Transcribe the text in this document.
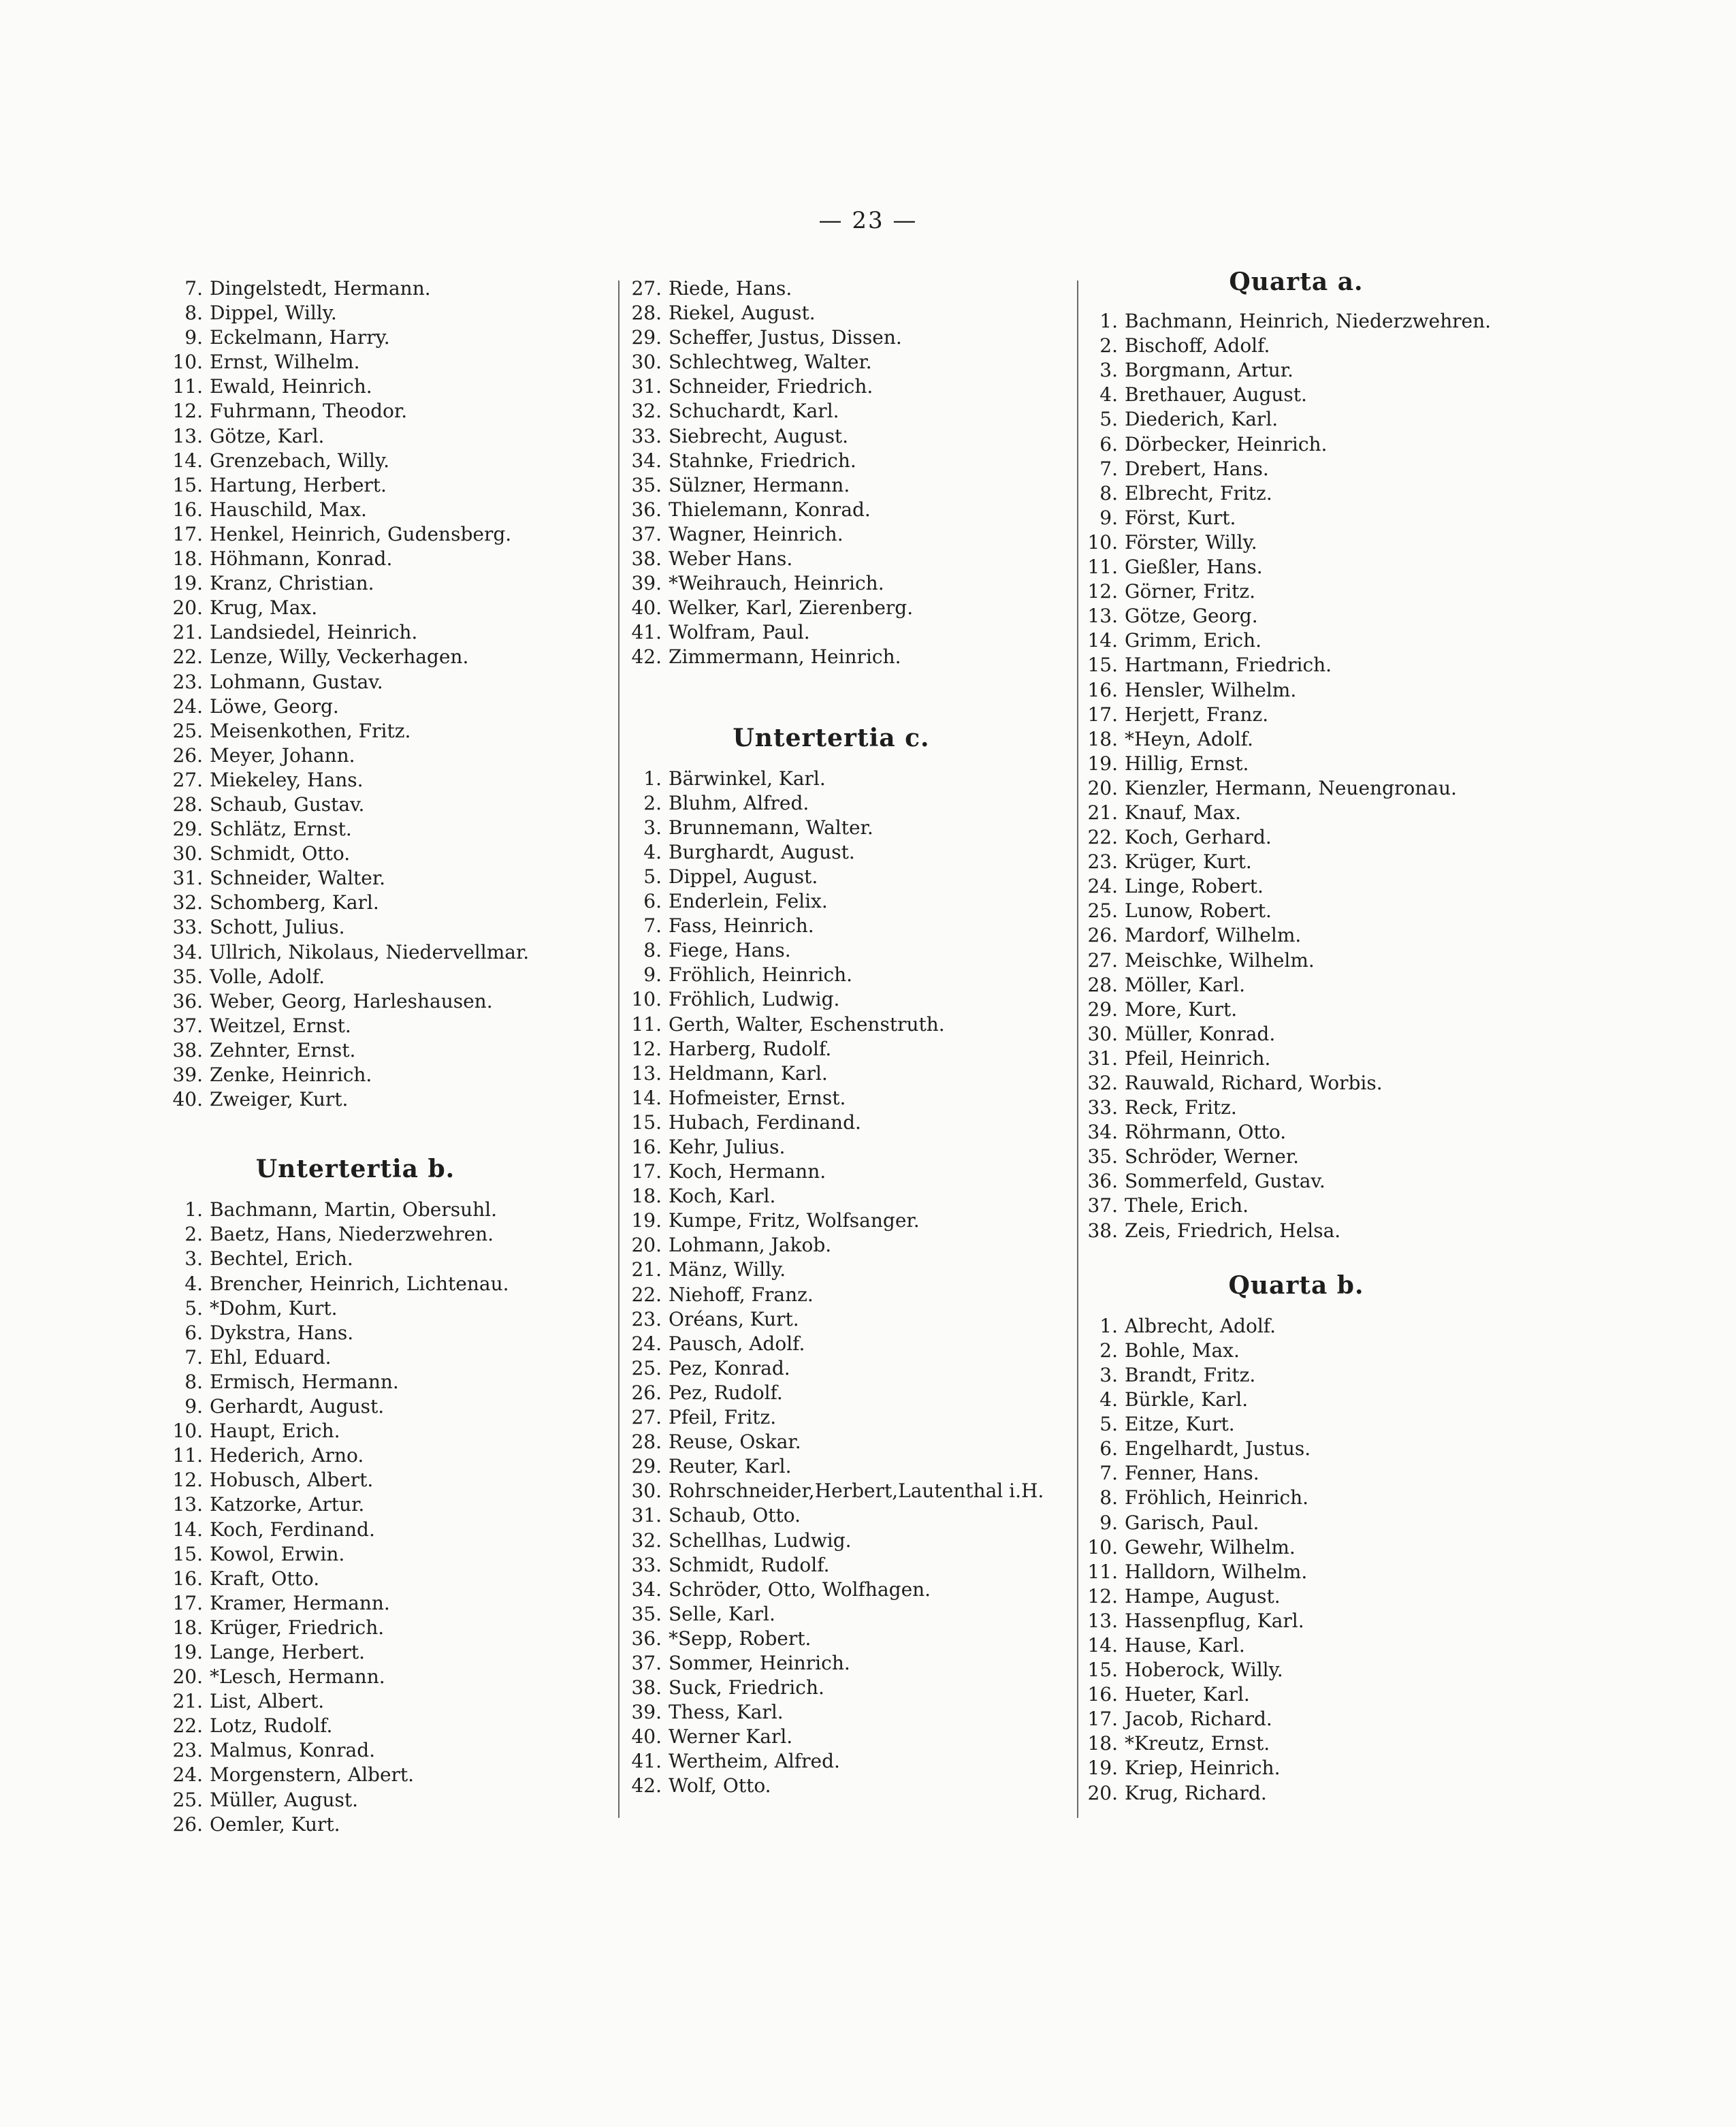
— 23 —
7. Dingelstedt, Hermann.
8. Dippel, Willy.
9. Eckelmann, Harry.
10. Ernst, Wilhelm.
11. Ewald, Heinrich.
12. Fuhrmann, Theodor.
13. Götze, Karl.
14. Grenzebach, Willy.
15. Hartung, Herbert.
16. Hauschild, Max.
17. Henkel, Heinrich, Gudensberg.
18. Höhmann, Konrad.
19. Kranz, Christian.
20. Krug, Max.
21. Landsiedel, Heinrich.
22. Lenze, Willy, Veckerhagen.
23. Lohmann, Gustav.
24. Löwe, Georg.
25. Meisenkothen, Fritz.
26. Meyer, Johann.
27. Miekeley, Hans.
28. Schaub, Gustav.
29. Schlätz, Ernst.
30. Schmidt, Otto.
31. Schneider, Walter.
32. Schomberg, Karl.
33. Schott, Julius.
34. Ullrich, Nikolaus, Niedervellmar.
35. Volle, Adolf.
36. Weber, Georg, Harleshausen.
37. Weitzel, Ernst.
38. Zehnter, Ernst.
39. Zenke, Heinrich.
40. Zweiger, Kurt.
Untertertia b.
1. Bachmann, Martin, Obersuhl.
2. Baetz, Hans, Niederzwehren.
3. Bechtel, Erich.
4. Brencher, Heinrich, Lichtenau.
5. *Dohm, Kurt.
6. Dykstra, Hans.
7. Ehl, Eduard.
8. Ermisch, Hermann.
9. Gerhardt, August.
10. Haupt, Erich.
11. Hederich, Arno.
12. Hobusch, Albert.
13. Katzorke, Artur.
14. Koch, Ferdinand.
15. Kowol, Erwin.
16. Kraft, Otto.
17. Kramer, Hermann.
18. Krüger, Friedrich.
19. Lange, Herbert.
20. *Lesch, Hermann.
21. List, Albert.
22. Lotz, Rudolf.
23. Malmus, Konrad.
24. Morgenstern, Albert.
25. Müller, August.
26. Oemler, Kurt.
27. Riede, Hans.
28. Riekel, August.
29. Scheffer, Justus, Dissen.
30. Schlechtweg, Walter.
31. Schneider, Friedrich.
32. Schuchardt, Karl.
33. Siebrecht, August.
34. Stahnke, Friedrich.
35. Sülzner, Hermann.
36. Thielemann, Konrad.
37. Wagner, Heinrich.
38. Weber Hans.
39. *Weihrauch, Heinrich.
40. Welker, Karl, Zierenberg.
41. Wolfram, Paul.
42. Zimmermann, Heinrich.
Untertertia c.
1. Bärwinkel, Karl.
2. Bluhm, Alfred.
3. Brunnemann, Walter.
4. Burghardt, August.
5. Dippel, August.
6. Enderlein, Felix.
7. Fass, Heinrich.
8. Fiege, Hans.
9. Fröhlich, Heinrich.
10. Fröhlich, Ludwig.
11. Gerth, Walter, Eschenstruth.
12. Harberg, Rudolf.
13. Heldmann, Karl.
14. Hofmeister, Ernst.
15. Hubach, Ferdinand.
16. Kehr, Julius.
17. Koch, Hermann.
18. Koch, Karl.
19. Kumpe, Fritz, Wolfsanger.
20. Lohmann, Jakob.
21. Mänz, Willy.
22. Niehoff, Franz.
23. Oréans, Kurt.
24. Pausch, Adolf.
25. Pez, Konrad.
26. Pez, Rudolf.
27. Pfeil, Fritz.
28. Reuse, Oskar.
29. Reuter, Karl.
30. Rohrschneider,Herbert,Lautenthal i.H.
31. Schaub, Otto.
32. Schellhas, Ludwig.
33. Schmidt, Rudolf.
34. Schröder, Otto, Wolfhagen.
35. Selle, Karl.
36. *Sepp, Robert.
37. Sommer, Heinrich.
38. Suck, Friedrich.
39. Thess, Karl.
40. Werner Karl.
41. Wertheim, Alfred.
42. Wolf, Otto.
Quarta a.
1. Bachmann, Heinrich, Niederzwehren.
2. Bischoff, Adolf.
3. Borgmann, Artur.
4. Brethauer, August.
5. Diederich, Karl.
6. Dörbecker, Heinrich.
7. Drebert, Hans.
8. Elbrecht, Fritz.
9. Först, Kurt.
10. Förster, Willy.
11. Gießler, Hans.
12. Görner, Fritz.
13. Götze, Georg.
14. Grimm, Erich.
15. Hartmann, Friedrich.
16. Hensler, Wilhelm.
17. Herjett, Franz.
18. *Heyn, Adolf.
19. Hillig, Ernst.
20. Kienzler, Hermann, Neuengronau.
21. Knauf, Max.
22. Koch, Gerhard.
23. Krüger, Kurt.
24. Linge, Robert.
25. Lunow, Robert.
26. Mardorf, Wilhelm.
27. Meischke, Wilhelm.
28. Möller, Karl.
29. More, Kurt.
30. Müller, Konrad.
31. Pfeil, Heinrich.
32. Rauwald, Richard, Worbis.
33. Reck, Fritz.
34. Röhrmann, Otto.
35. Schröder, Werner.
36. Sommerfeld, Gustav.
37. Thele, Erich.
38. Zeis, Friedrich, Helsa.
Quarta b.
1. Albrecht, Adolf.
2. Bohle, Max.
3. Brandt, Fritz.
4. Bürkle, Karl.
5. Eitze, Kurt.
6. Engelhardt, Justus.
7. Fenner, Hans.
8. Fröhlich, Heinrich.
9. Garisch, Paul.
10. Gewehr, Wilhelm.
11. Halldorn, Wilhelm.
12. Hampe, August.
13. Hassenpflug, Karl.
14. Hause, Karl.
15. Hoberock, Willy.
16. Hueter, Karl.
17. Jacob, Richard.
18. *Kreutz, Ernst.
19. Kriep, Heinrich.
20. Krug, Richard.
